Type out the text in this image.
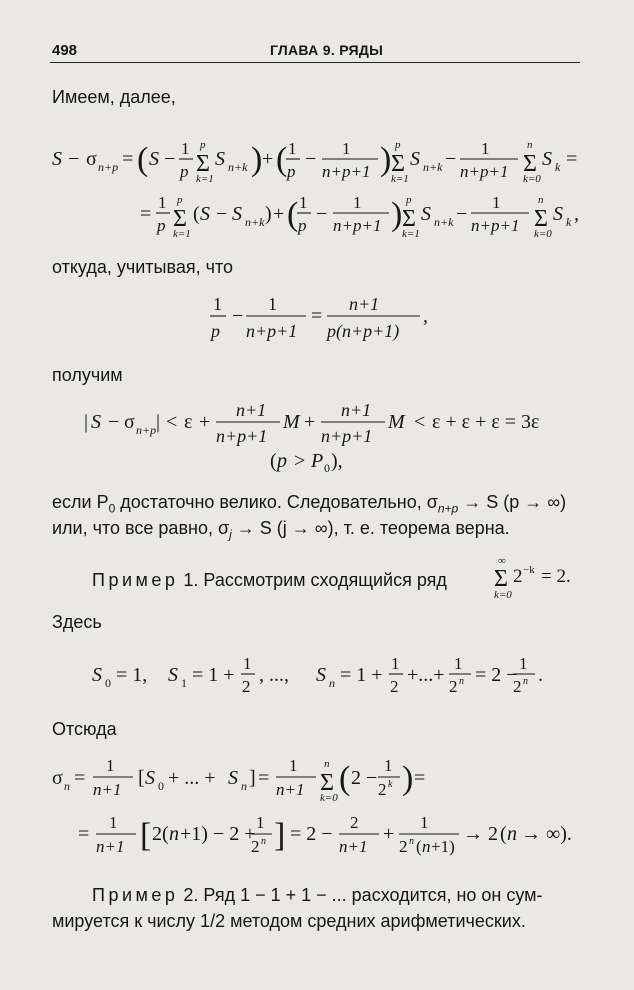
498	ГЛАВА 9. РЯДЫ
Имеем, далее,
откуда, учитывая, что
получим
если $P_0$ достаточно велико. Следовательно, $\sigma_{n+p} \to S$ (p → ∞)
или, что все равно, $\sigma_j \to S$ (j → ∞), т. е. теорема верна.
Пример 1. Рассмотрим сходящийся ряд
Здесь
Отсюда
Пример 2. Ряд 1 − 1 + 1 − ... расходится, но он сум-
мируется к числу 1/2 методом средних арифметических.
S − σ n+p = ( S − 1
p Σ
p
k=1
S n+k ) + ( 1
p
− 1
n+p+1 ) Σ
p
k=1
S n+k − 1
n+p+1 Σ
n
k=0
S k =
=
1
p Σ
p
k=1
( S − S n+k ) + ( 1
p
−
1
n+p+1 ) Σ
p
k=1
S n+k −
1
n+p+1 Σ
n
k=0
S k ,
1
p
−
1
n+p+1
=
n+1
p(n+p+1)
,
| S − σ n+p | < ε +
n+1
n+p+1
M +
n+1
n+p+1
M < ε + ε + ε = 3ε
( p > P 0 ),
Σ
∞
k=0
2 −k = 2.
S 0 = 1, S 1 = 1 +
1
2
, ..., S n = 1 +
1
2
+...+
1
2 n = 2 −
1
2 n .
σ n =
1
n+1
[ S 0 + ... + S n ] =
1
n+1 Σ
n
k=0
( 2 −
1
2 k ) =
=
1
n+1 [ 2( n +1) − 2 +
1
2 n ] = 2 −
2
n+1
+
1
2 n ( n +1)
→ 2 ( n → ∞).
